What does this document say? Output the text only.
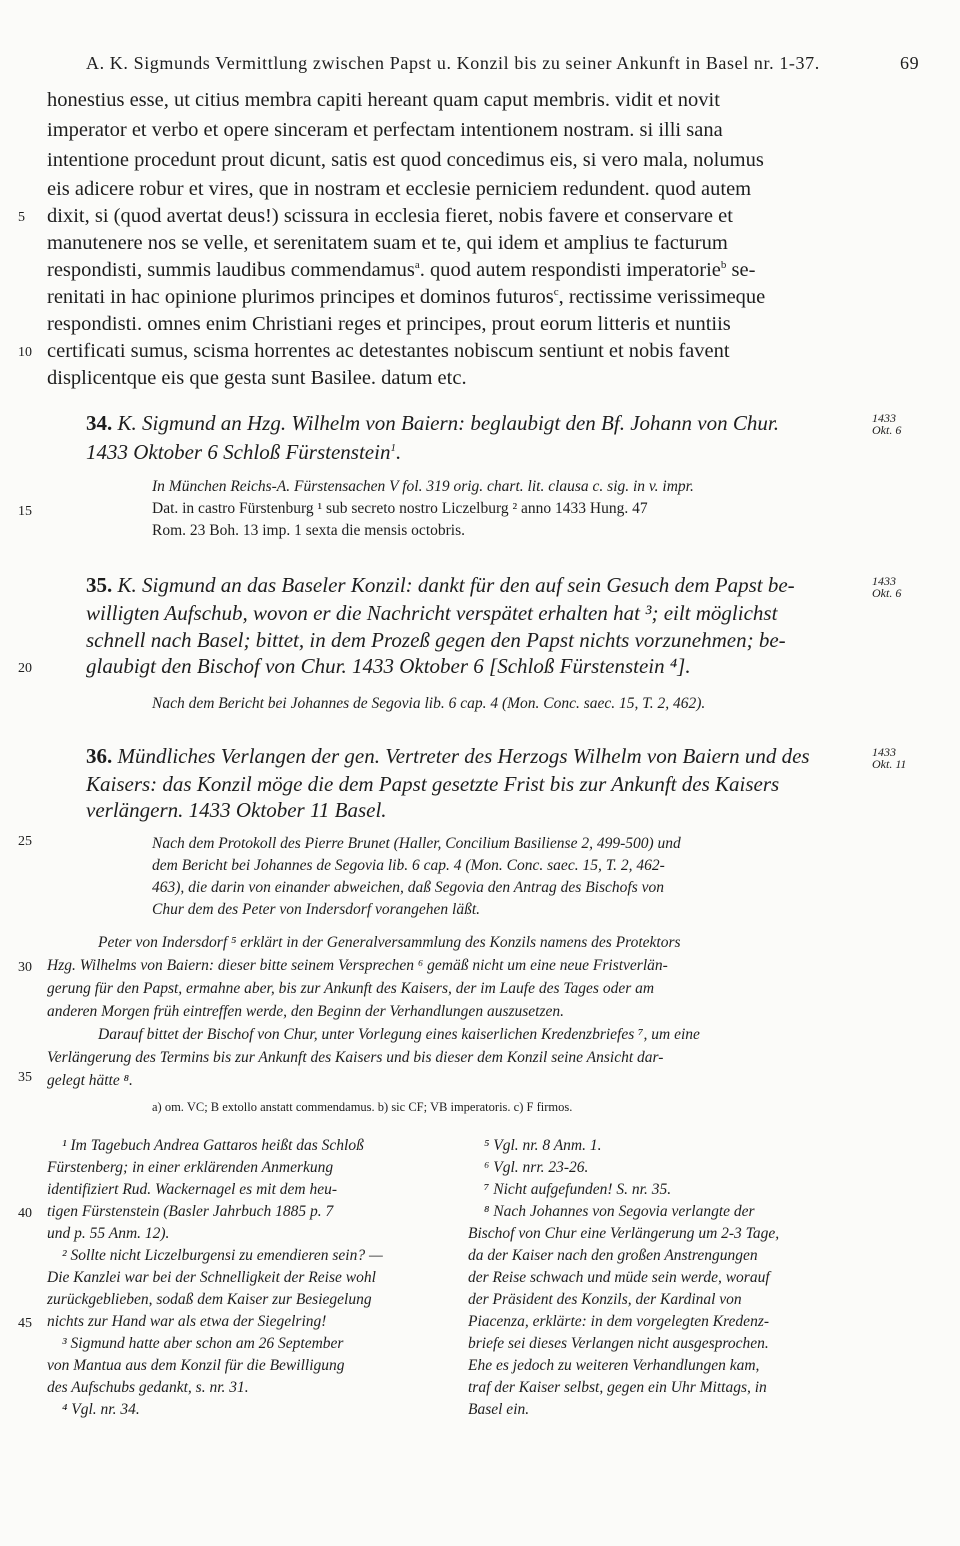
A. K. Sigmunds Vermittlung zwischen Papst u. Konzil bis zu seiner Ankunft in Basel nr. 1-37.	69
honestius esse, ut citius membra capiti hereant quam caput membris. vidit et novit
imperator et verbo et opere sinceram et perfectam intentionem nostram. si illi sana
intentione procedunt prout dicunt, satis est quod concedimus eis, si vero mala, nolumus
eis adicere robur et vires, que in nostram et ecclesie perniciem redundent. quod autem
dixit, si (quod avertat deus!) scissura in ecclesia fieret, nobis favere et conservare et
manutenere nos se velle, et serenitatem suam et te, qui idem et amplius te facturum
respondisti, summis laudibus commendamus$^a$. quod autem respondisti imperatorie$^b$ se-
renitati in hac opinione plurimos principes et dominos futuros$^c$, rectissime verissimeque
respondisti. omnes enim Christiani reges et principes, prout eorum litteris et nuntiis
certificati sumus, scisma horrentes ac detestantes nobiscum sentiunt et nobis favent
displicentque eis que gesta sunt Basilee. datum etc.
5
10
15
20
25
30
35
40
45
34. K. Sigmund an Hzg. Wilhelm von Baiern: beglaubigt den Bf. Johann von Chur.
1433 Oktober 6 Schloß Fürstenstein$^1$.
1433
Okt. 6
In München Reichs-A. Fürstensachen V fol. 319 orig. chart. lit. clausa c. sig. in v. impr.
Dat. in castro Fürstenburg ¹ sub secreto nostro Liczelburg ² anno 1433 Hung. 47
Rom. 23 Boh. 13 imp. 1 sexta die mensis octobris.
35. K. Sigmund an das Baseler Konzil: dankt für den auf sein Gesuch dem Papst be-
willigten Aufschub, wovon er die Nachricht verspätet erhalten hat ³; eilt möglichst
schnell nach Basel; bittet, in dem Prozeß gegen den Papst nichts vorzunehmen; be-
glaubigt den Bischof von Chur. 1433 Oktober 6 [Schloß Fürstenstein ⁴].
1433
Okt. 6
Nach dem Bericht bei Johannes de Segovia lib. 6 cap. 4 (Mon. Conc. saec. 15, T. 2, 462).
36. Mündliches Verlangen der gen. Vertreter des Herzogs Wilhelm von Baiern und des
Kaisers: das Konzil möge die dem Papst gesetzte Frist bis zur Ankunft des Kaisers
verlängern. 1433 Oktober 11 Basel.
1433
Okt. 11
Nach dem Protokoll des Pierre Brunet (Haller, Concilium Basiliense 2, 499-500) und
dem Bericht bei Johannes de Segovia lib. 6 cap. 4 (Mon. Conc. saec. 15, T. 2, 462-
463), die darin von einander abweichen, daß Segovia den Antrag des Bischofs von
Chur dem des Peter von Indersdorf vorangehen läßt.
Peter von Indersdorf ⁵ erklärt in der Generalversammlung des Konzils namens des Protektors
Hzg. Wilhelms von Baiern: dieser bitte seinem Versprechen ⁶ gemäß nicht um eine neue Fristverlän-
gerung für den Papst, ermahne aber, bis zur Ankunft des Kaisers, der im Laufe des Tages oder am
anderen Morgen früh eintreffen werde, den Beginn der Verhandlungen auszusetzen.
Darauf bittet der Bischof von Chur, unter Vorlegung eines kaiserlichen Kredenzbriefes ⁷, um eine
Verlängerung des Termins bis zur Ankunft des Kaisers und bis dieser dem Konzil seine Ansicht dar-
gelegt hätte ⁸.
a) om. VC; B extollo anstatt commendamus. b) sic CF; VB imperatoris. c) F firmos.
¹ Im Tagebuch Andrea Gattaros heißt das Schloß
Fürstenberg; in einer erklärenden Anmerkung
identifiziert Rud. Wackernagel es mit dem heu-
tigen Fürstenstein (Basler Jahrbuch 1885 p. 7
und p. 55 Anm. 12).
² Sollte nicht Liczelburgensi zu emendieren sein? —
Die Kanzlei war bei der Schnelligkeit der Reise wohl
zurückgeblieben, sodaß dem Kaiser zur Besiegelung
nichts zur Hand war als etwa der Siegelring!
³ Sigmund hatte aber schon am 26 September
von Mantua aus dem Konzil für die Bewilligung
des Aufschubs gedankt, s. nr. 31.
⁴ Vgl. nr. 34.
⁵ Vgl. nr. 8 Anm. 1.
⁶ Vgl. nrr. 23-26.
⁷ Nicht aufgefunden! S. nr. 35.
⁸ Nach Johannes von Segovia verlangte der
Bischof von Chur eine Verlängerung um 2-3 Tage,
da der Kaiser nach den großen Anstrengungen
der Reise schwach und müde sein werde, worauf
der Präsident des Konzils, der Kardinal von
Piacenza, erklärte: in dem vorgelegten Kredenz-
briefe sei dieses Verlangen nicht ausgesprochen.
Ehe es jedoch zu weiteren Verhandlungen kam,
traf der Kaiser selbst, gegen ein Uhr Mittags, in
Basel ein.
